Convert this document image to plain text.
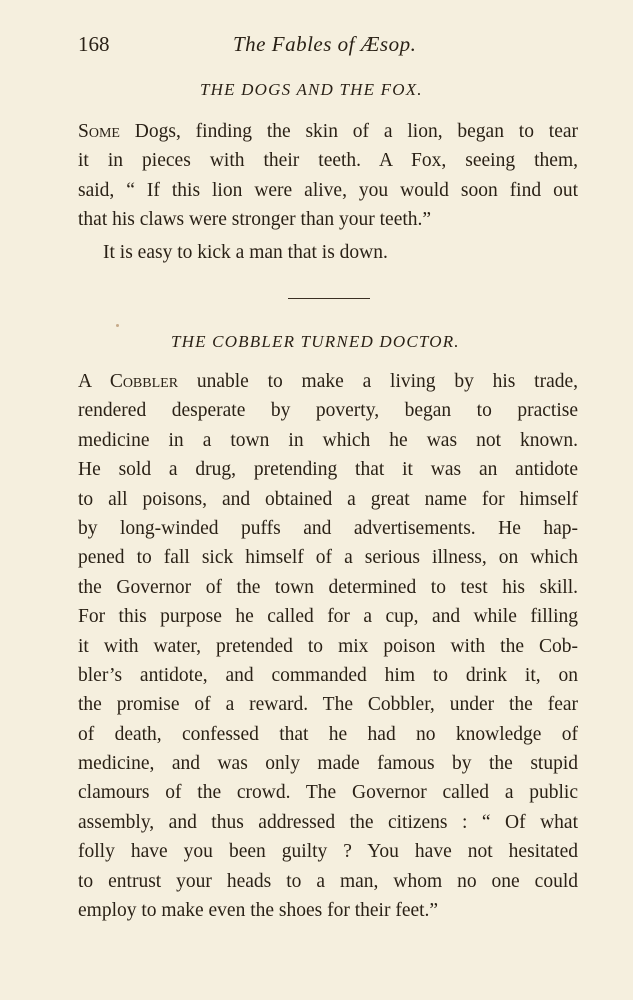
168	The Fables of Æsop.
THE DOGS AND THE FOX.
Some Dogs, finding the skin of a lion, began to tear
it in pieces with their teeth. A Fox, seeing them,
said, “ If this lion were alive, you would soon find out
that his claws were stronger than your teeth.”
It is easy to kick a man that is down.
THE COBBLER TURNED DOCTOR.
A Cobbler unable to make a living by his trade,
rendered desperate by poverty, began to practise
medicine in a town in which he was not known.
He sold a drug, pretending that it was an antidote
to all poisons, and obtained a great name for himself
by long-winded puffs and advertisements. He hap-
pened to fall sick himself of a serious illness, on which
the Governor of the town determined to test his skill.
For this purpose he called for a cup, and while filling
it with water, pretended to mix poison with the Cob-
bler’s antidote, and commanded him to drink it, on
the promise of a reward. The Cobbler, under the fear
of death, confessed that he had no knowledge of
medicine, and was only made famous by the stupid
clamours of the crowd. The Governor called a public
assembly, and thus addressed the citizens : “ Of what
folly have you been guilty ? You have not hesitated
to entrust your heads to a man, whom no one could
employ to make even the shoes for their feet.”
